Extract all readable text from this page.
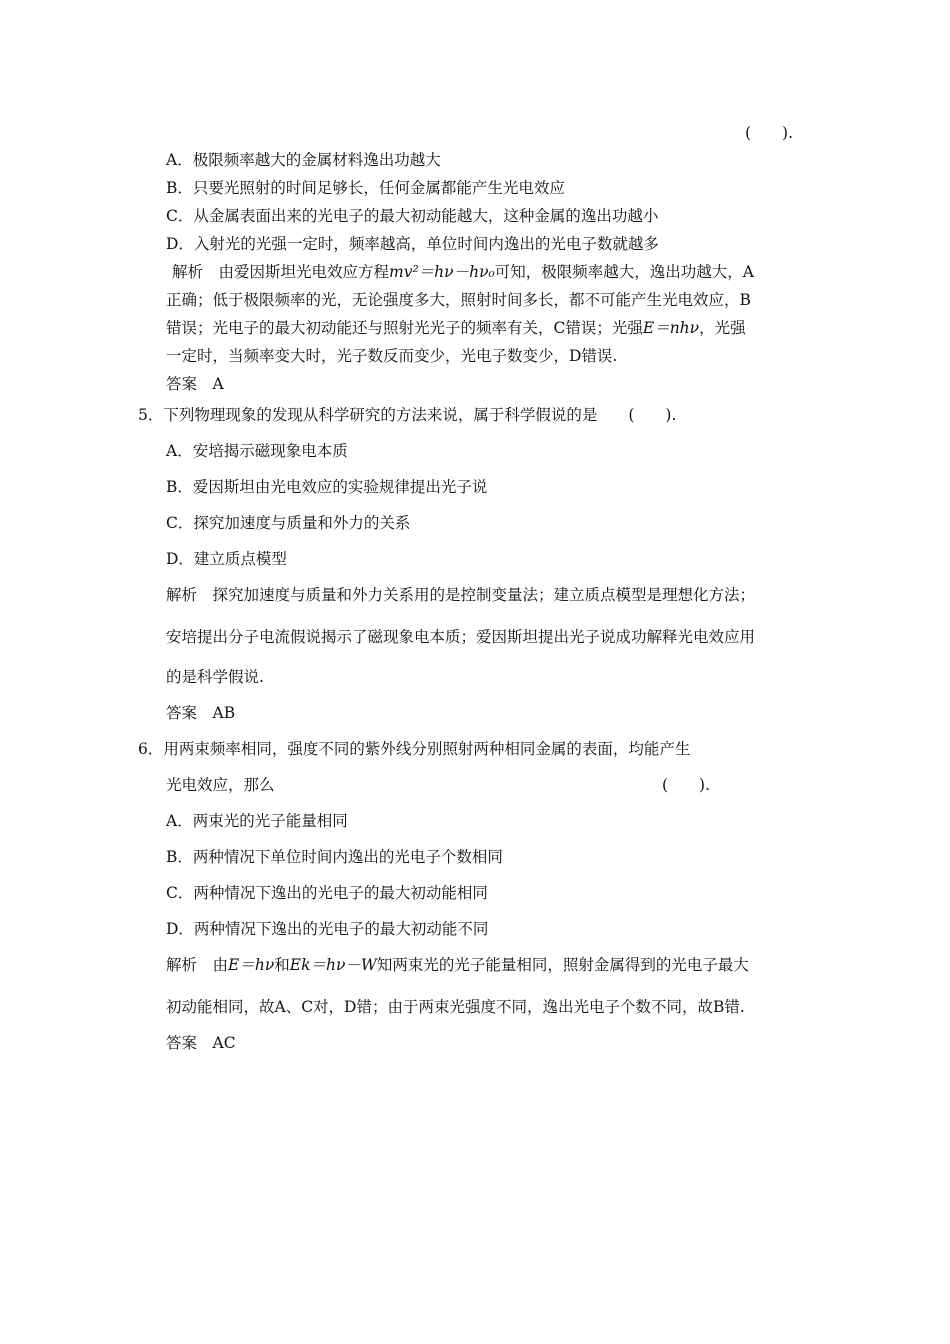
(　　).
A．极限频率越大的金属材料逸出功越大
B．只要光照射的时间足够长，任何金属都能产生光电效应
C．从金属表面出来的光电子的最大初动能越大，这种金属的逸出功越小
D．入射光的光强一定时，频率越高，单位时间内逸出的光电子数就越多
解析　由爱因斯坦光电效应方程mv²＝hν－hν₀可知，极限频率越大，逸出功越大，A
正确；低于极限频率的光，无论强度多大，照射时间多长，都不可能产生光电效应，B
错误；光电子的最大初动能还与照射光光子的频率有关，C错误；光强E＝nhν，光强
一定时，当频率变大时，光子数反而变少，光电子数变少，D错误.
答案　A
5．下列物理现象的发现从科学研究的方法来说，属于科学假说的是　　(　　).
A．安培揭示磁现象电本质
B．爱因斯坦由光电效应的实验规律提出光子说
C．探究加速度与质量和外力的关系
D．建立质点模型
解析　探究加速度与质量和外力关系用的是控制变量法；建立质点模型是理想化方法；
安培提出分子电流假说揭示了磁现象电本质；爱因斯坦提出光子说成功解释光电效应用
的是科学假说.
答案　AB
6．用两束频率相同，强度不同的紫外线分别照射两种相同金属的表面，均能产生
光电效应，那么	(　　).
A．两束光的光子能量相同
B．两种情况下单位时间内逸出的光电子个数相同
C．两种情况下逸出的光电子的最大初动能相同
D．两种情况下逸出的光电子的最大初动能不同
解析　由E＝hν和Ek＝hν－W知两束光的光子能量相同，照射金属得到的光电子最大
初动能相同，故A、C对，D错；由于两束光强度不同，逸出光电子个数不同，故B错.
答案　AC
